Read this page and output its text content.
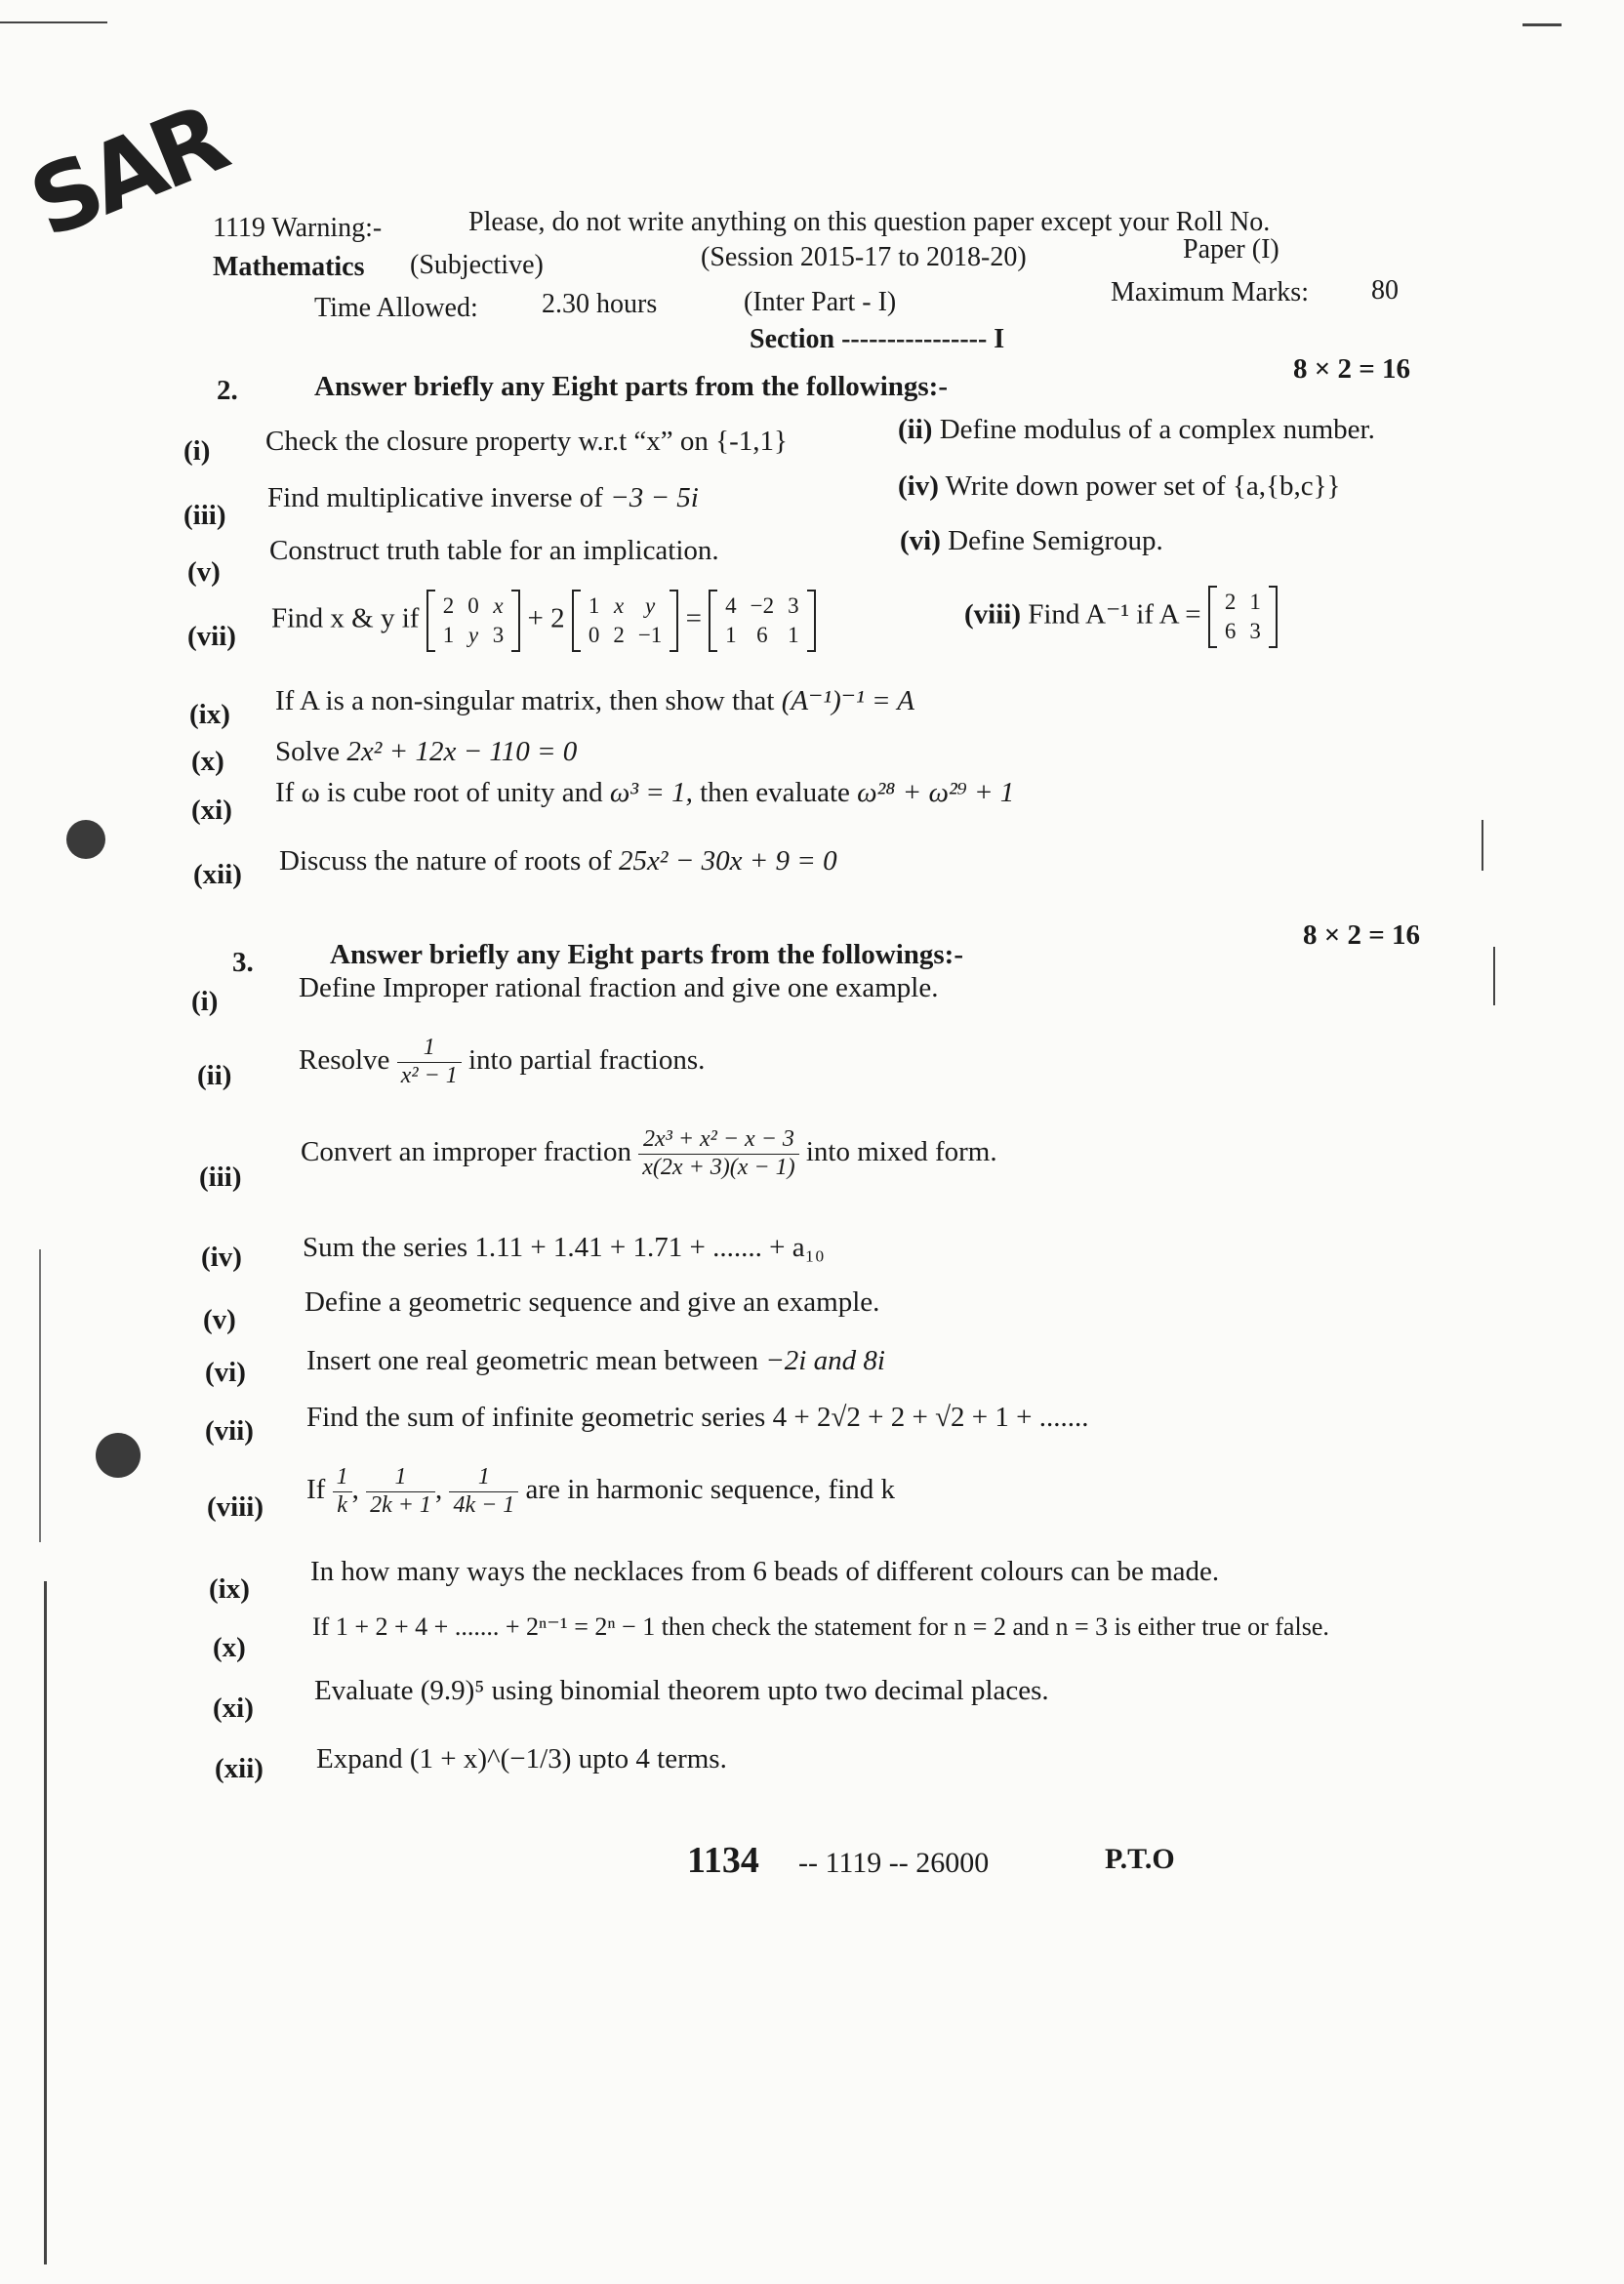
SAR
1119 Warning:-	Please, do not write anything on this question paper except your Roll No.
Mathematics (Subjective)	(Session 2015-17 to 2018-20)	Paper (I)
Time Allowed: 2.30 hours	(Inter Part - I)	Maximum Marks: 80
Section ---------------- I
2.	Answer briefly any Eight parts from the followings:-
8 × 2 = 16
(i) Check the closure property w.r.t “x” on {-1,1}	(ii) Define modulus of a complex number.
(iii)
Find multiplicative inverse of −3 − 5i	(iv) Write down power set of {a,{b,c}}
(v)
Construct truth table for an implication.	(vi) Define Semigroup.
(vii)
Find x & y if 2	0	x
1	y	3
+ 2 1	x	y
0	2	−1
= 4	−2	3
1	6	1
(viii) Find A⁻¹ if A = 2	1
6	3
(ix) If A is a non-singular matrix, then show that (A⁻¹)⁻¹ = A
(x) Solve 2x² + 12x − 110 = 0
(xi)
If ω is cube root of unity and ω³ = 1, then evaluate ω²⁸ + ω²⁹ + 1
(xii) Discuss the nature of roots of 25x² − 30x + 9 = 0
3.	Answer briefly any Eight parts from the followings:-
8 × 2 = 16
(i)	Define Improper rational fraction and give one example.
(ii)
Resolve $\frac{1}{\text{x² − 1}}$ into partial fractions.
(iii)
Convert an improper fraction $\frac{\text{2x³ + x² − x − 3}}{x(2x + 3)(x - 1)}$ into mixed form.
(iv) Sum the series 1.11 + 1.41 + 1.71 + ....... + a₁₀
(v)
Define a geometric sequence and give an example.
(vi) Insert one real geometric mean between −2i and 8i
(vii) Find the sum of infinite geometric series 4 + 2√2 + 2 + √2 + 1 + .......
(viii)
If $\frac{1}{k}$ , $\frac{1}{2k + 1}$ , $\frac{1}{4k - 1}$ are in harmonic sequence, find k
(ix)
In how many ways the necklaces from 6 beads of different colours can be made.
(x)
If 1 + 2 + 4 + ....... + 2ⁿ⁻¹ = 2ⁿ − 1 then check the statement for n = 2 and n = 3 is either true or false.
(xi)
Evaluate (9.9)⁵ using binomial theorem upto two decimal places.
(xii) Expand (1 + x)^(−1/3) upto 4 terms.
1134 -- 1119 -- 26000	P.T.O
